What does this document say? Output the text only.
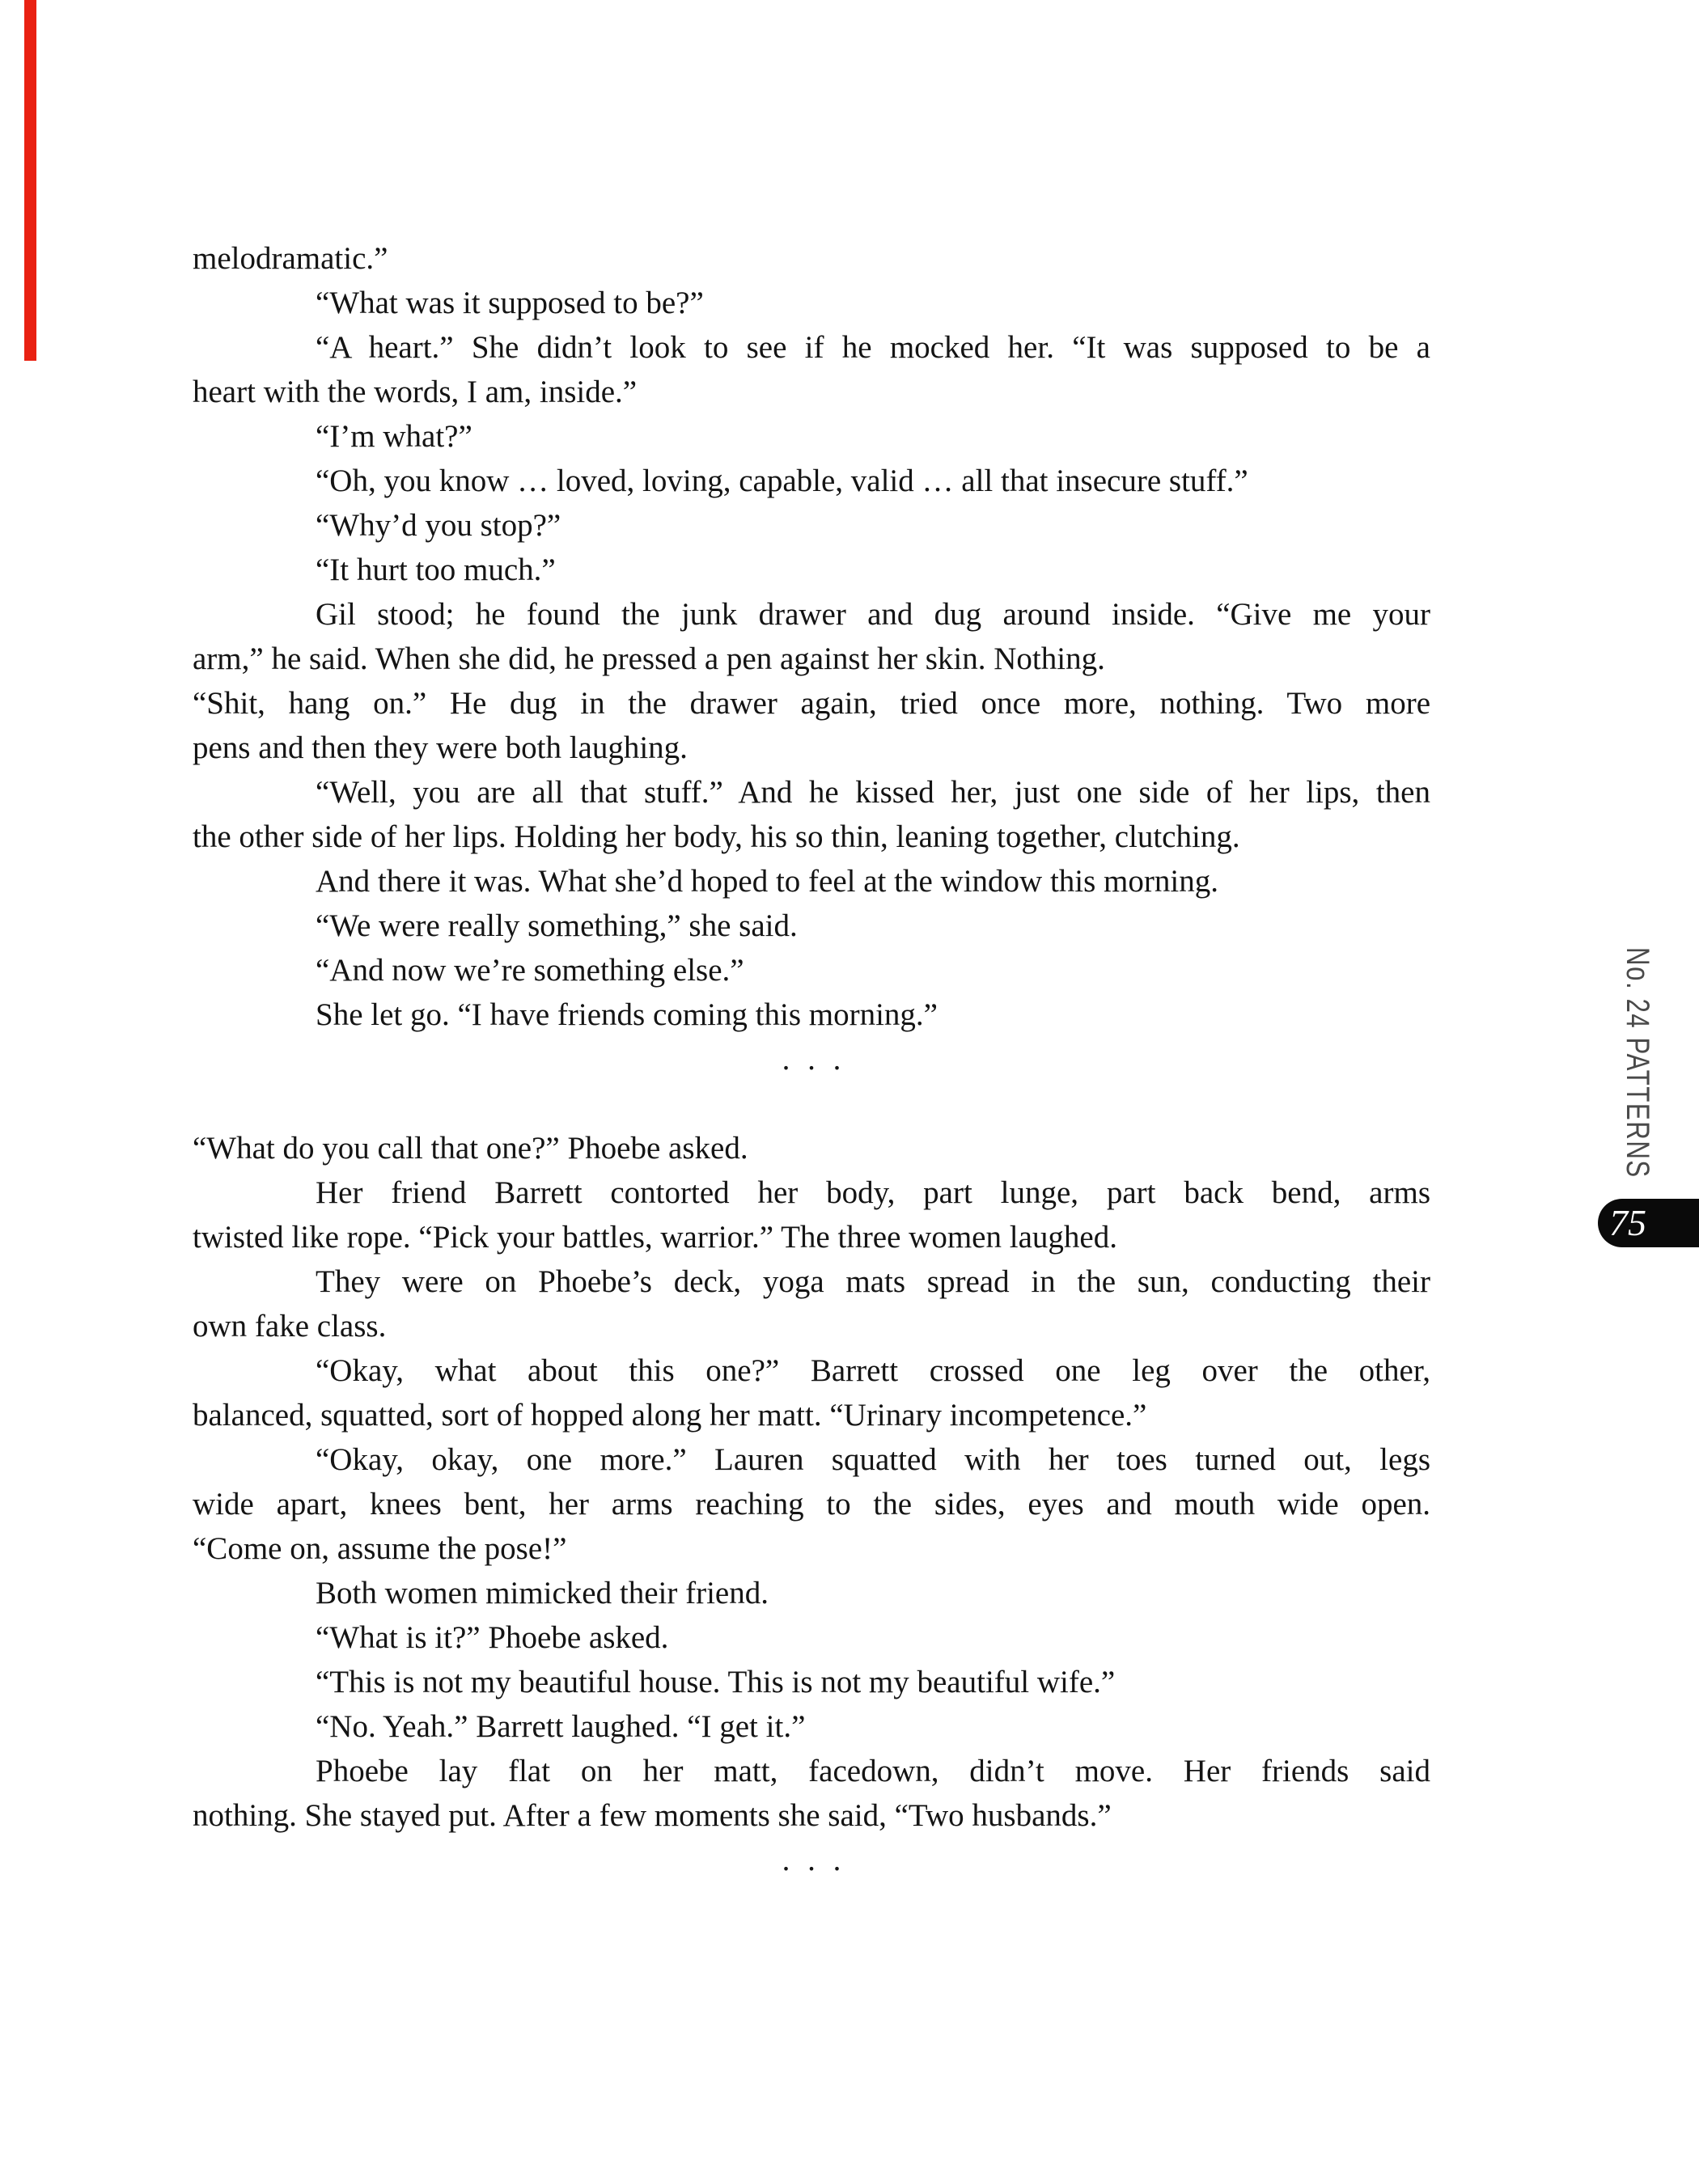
melodramatic.”
“What was it supposed to be?”
“A heart.” She didn’t look to see if he mocked her. “It was supposed to be a
heart with the words, I am, inside.”
“I’m what?”
“Oh, you know … loved, loving, capable, valid … all that insecure stuff.”
“Why’d you stop?”
“It hurt too much.”
Gil stood; he found the junk drawer and dug around inside. “Give me your
arm,” he said. When she did, he pressed a pen against her skin. Nothing.
“Shit, hang on.” He dug in the drawer again, tried once more, nothing. Two more
pens and then they were both laughing.
“Well, you are all that stuff.” And he kissed her, just one side of her lips, then
the other side of her lips. Holding her body, his so thin, leaning together, clutching.
And there it was. What she’d hoped to feel at the window this morning.
“We were really something,” she said.
“And now we’re something else.”
She let go. “I have friends coming this morning.”
. . .
“What do you call that one?” Phoebe asked.
Her friend Barrett contorted her body, part lunge, part back bend, arms
twisted like rope. “Pick your battles, warrior.” The three women laughed.
They were on Phoebe’s deck, yoga mats spread in the sun, conducting their
own fake class.
“Okay, what about this one?” Barrett crossed one leg over the other,
balanced, squatted, sort of hopped along her matt. “Urinary incompetence.”
“Okay, okay, one more.” Lauren squatted with her toes turned out, legs
wide apart, knees bent, her arms reaching to the sides, eyes and mouth wide open.
“Come on, assume the pose!”
Both women mimicked their friend.
“What is it?” Phoebe asked.
“This is not my beautiful house. This is not my beautiful wife.”
“No. Yeah.” Barrett laughed. “I get it.”
Phoebe lay flat on her matt, facedown, didn’t move. Her friends said
nothing. She stayed put. After a few moments she said, “Two husbands.”
. . .
No. 24 PATTERNS
75
